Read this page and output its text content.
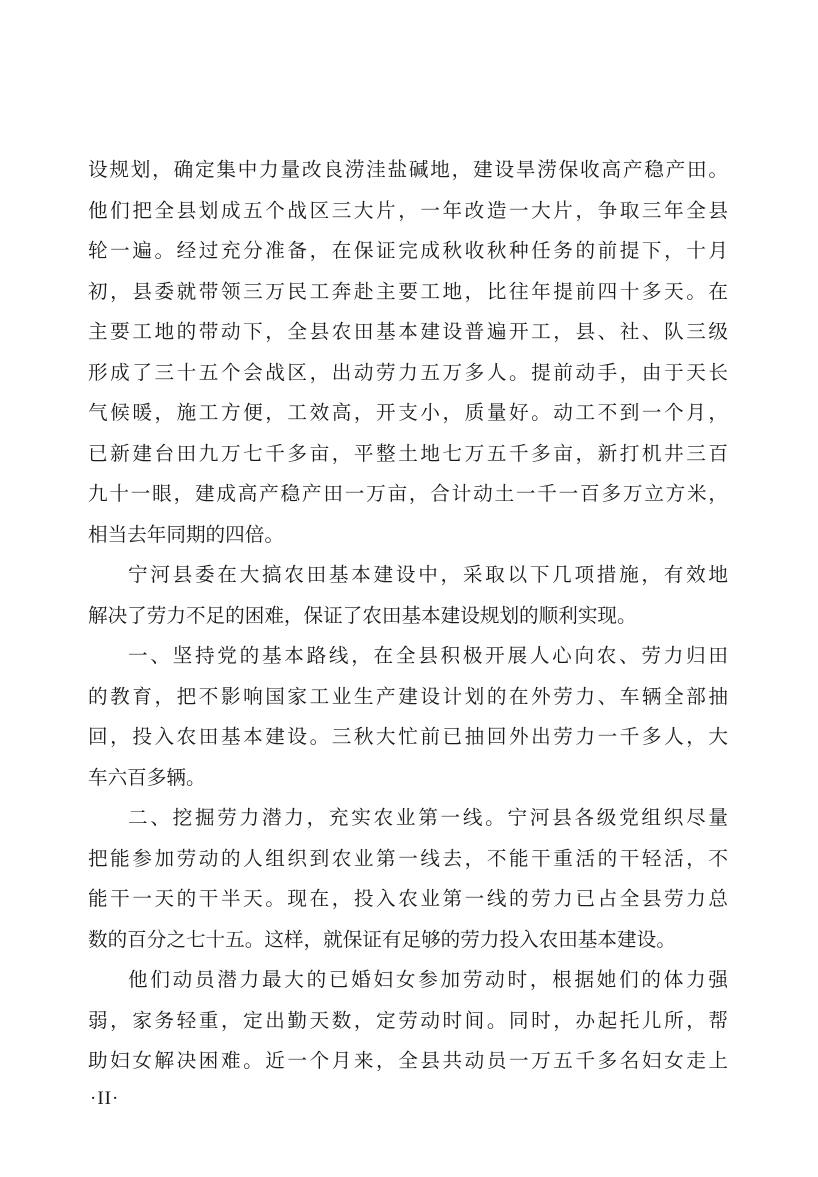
设规划，确定集中力量改良涝洼盐碱地，建设旱涝保收高产稳产田。
他们把全县划成五个战区三大片，一年改造一大片，争取三年全县
轮一遍。经过充分准备，在保证完成秋收秋种任务的前提下，十月
初，县委就带领三万民工奔赴主要工地，比往年提前四十多天。在
主要工地的带动下，全县农田基本建设普遍开工，县、社、队三级
形成了三十五个会战区，出动劳力五万多人。提前动手，由于天长
气候暖，施工方便，工效高，开支小，质量好。动工不到一个月，
已新建台田九万七千多亩，平整土地七万五千多亩，新打机井三百
九十一眼，建成高产稳产田一万亩，合计动土一千一百多万立方米，
相当去年同期的四倍。
宁河县委在大搞农田基本建设中，采取以下几项措施，有效地
解决了劳力不足的困难，保证了农田基本建设规划的顺利实现。
一、坚持党的基本路线，在全县积极开展人心向农、劳力归田
的教育，把不影响国家工业生产建设计划的在外劳力、车辆全部抽
回，投入农田基本建设。三秋大忙前已抽回外出劳力一千多人，大
车六百多辆。
二、挖掘劳力潜力，充实农业第一线。宁河县各级党组织尽量
把能参加劳动的人组织到农业第一线去，不能干重活的干轻活，不
能干一天的干半天。现在，投入农业第一线的劳力已占全县劳力总
数的百分之七十五。这样，就保证有足够的劳力投入农田基本建设。
他们动员潜力最大的已婚妇女参加劳动时，根据她们的体力强
弱，家务轻重，定出勤天数，定劳动时间。同时，办起托儿所，帮
助妇女解决困难。近一个月来，全县共动员一万五千多名妇女走上
·II·
